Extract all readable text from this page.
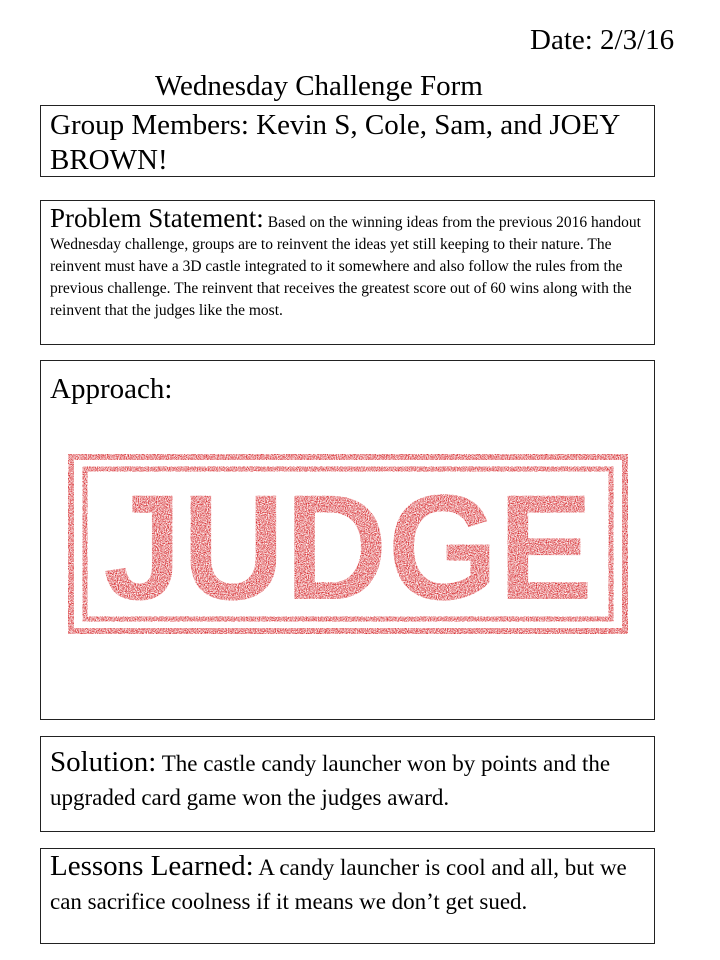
Date: 2/3/16
Wednesday Challenge Form
Group Members: Kevin S, Cole, Sam, and JOEY BROWN!
Problem Statement: Based on the winning ideas from the previous 2016 handout Wednesday challenge, groups are to reinvent the ideas yet still keeping to their nature. The reinvent must have a 3D castle integrated to it somewhere and also follow the rules from the previous challenge. The reinvent that receives the greatest score out of 60 wins along with the reinvent that the judges like the most.
Approach:
JUDGE
Solution: The castle candy launcher won by points and the upgraded card game won the judges award.
Lessons Learned: A candy launcher is cool and all, but we can sacrifice coolness if it means we don’t get sued.
